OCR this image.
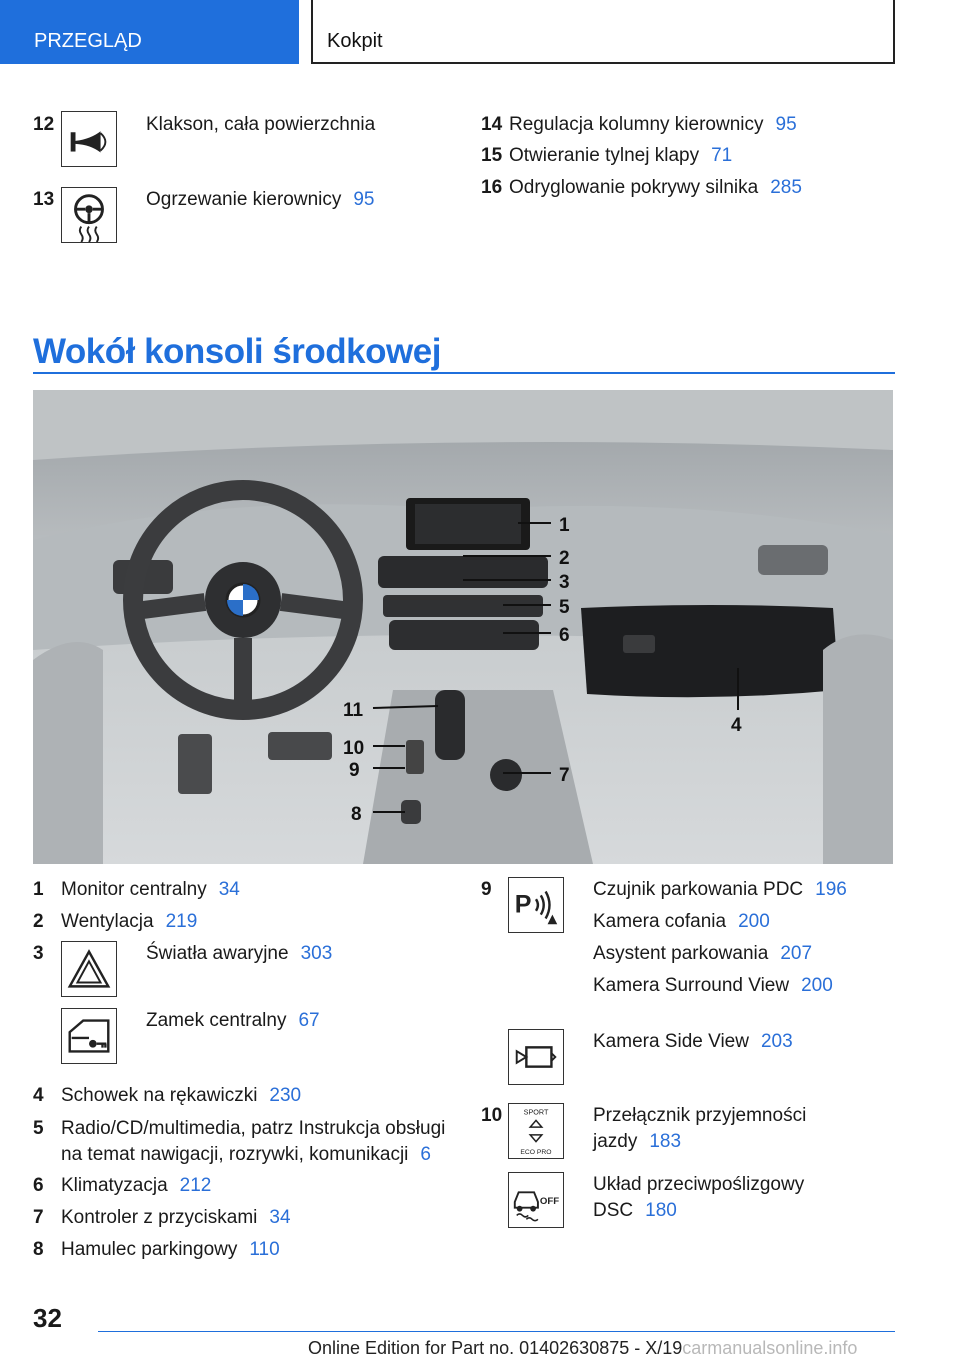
PRZEGLĄD	Kokpit
12	Klakson, cała powierzchnia
13	Ogrzewanie kierownicy 95
14 Regulacja kolumny kierownicy 95
15 Otwieranie tylnej klapy 71
16 Odryglowanie pokrywy silnika 285
Wokół konsoli środkowej
1
2
3
5
6
4
11
10
9	7
8
1 Monitor centralny 34
2 Wentylacja 219
3	Światła awaryjne 303
Zamek centralny 67
4 Schowek na rękawiczki 230
5 Radio/CD/multimedia, patrz Instrukcja obsługi
na temat nawigacji, rozrywki, komunikacji 6
6 Klimatyzacja 212
7 Kontroler z przyciskami 34
8 Hamulec parkingowy 110
9
P
Czujnik parkowania PDC 196
Kamera cofania 200
Asystent parkowania 207
Kamera Surround View 200
Kamera Side View 203
10	SPORT
ECO PRO
Przełącznik przyjemności
jazdy 183
OFF
Układ przeciwpoślizgowy
DSC 180
32
Online Edition for Part no. 01402630875 - X/19carmanualsonline.info
